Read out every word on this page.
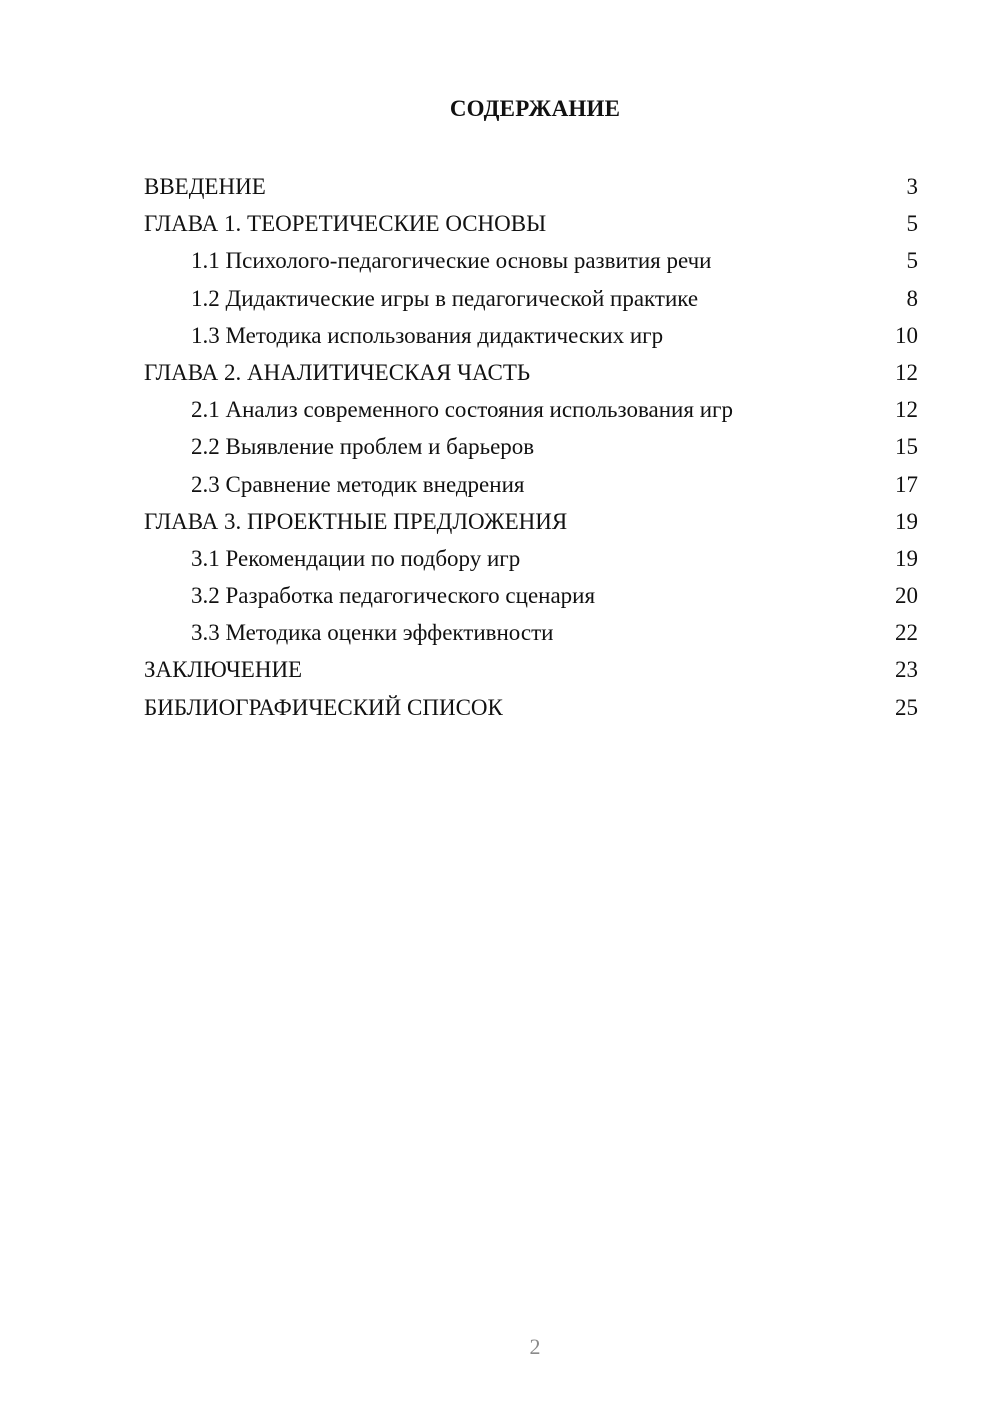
СОДЕРЖАНИЕ
ВВЕДЕНИЕ	3
ГЛАВА 1. ТЕОРЕТИЧЕСКИЕ ОСНОВЫ	5
1.1 Психолого-педагогические основы развития речи	5
1.2 Дидактические игры в педагогической практике	8
1.3 Методика использования дидактических игр	10
ГЛАВА 2. АНАЛИТИЧЕСКАЯ ЧАСТЬ	12
2.1 Анализ современного состояния использования игр	12
2.2 Выявление проблем и барьеров	15
2.3 Сравнение методик внедрения	17
ГЛАВА 3. ПРОЕКТНЫЕ ПРЕДЛОЖЕНИЯ	19
3.1 Рекомендации по подбору игр	19
3.2 Разработка педагогического сценария	20
3.3 Методика оценки эффективности	22
ЗАКЛЮЧЕНИЕ	23
БИБЛИОГРАФИЧЕСКИЙ СПИСОК	25
2
